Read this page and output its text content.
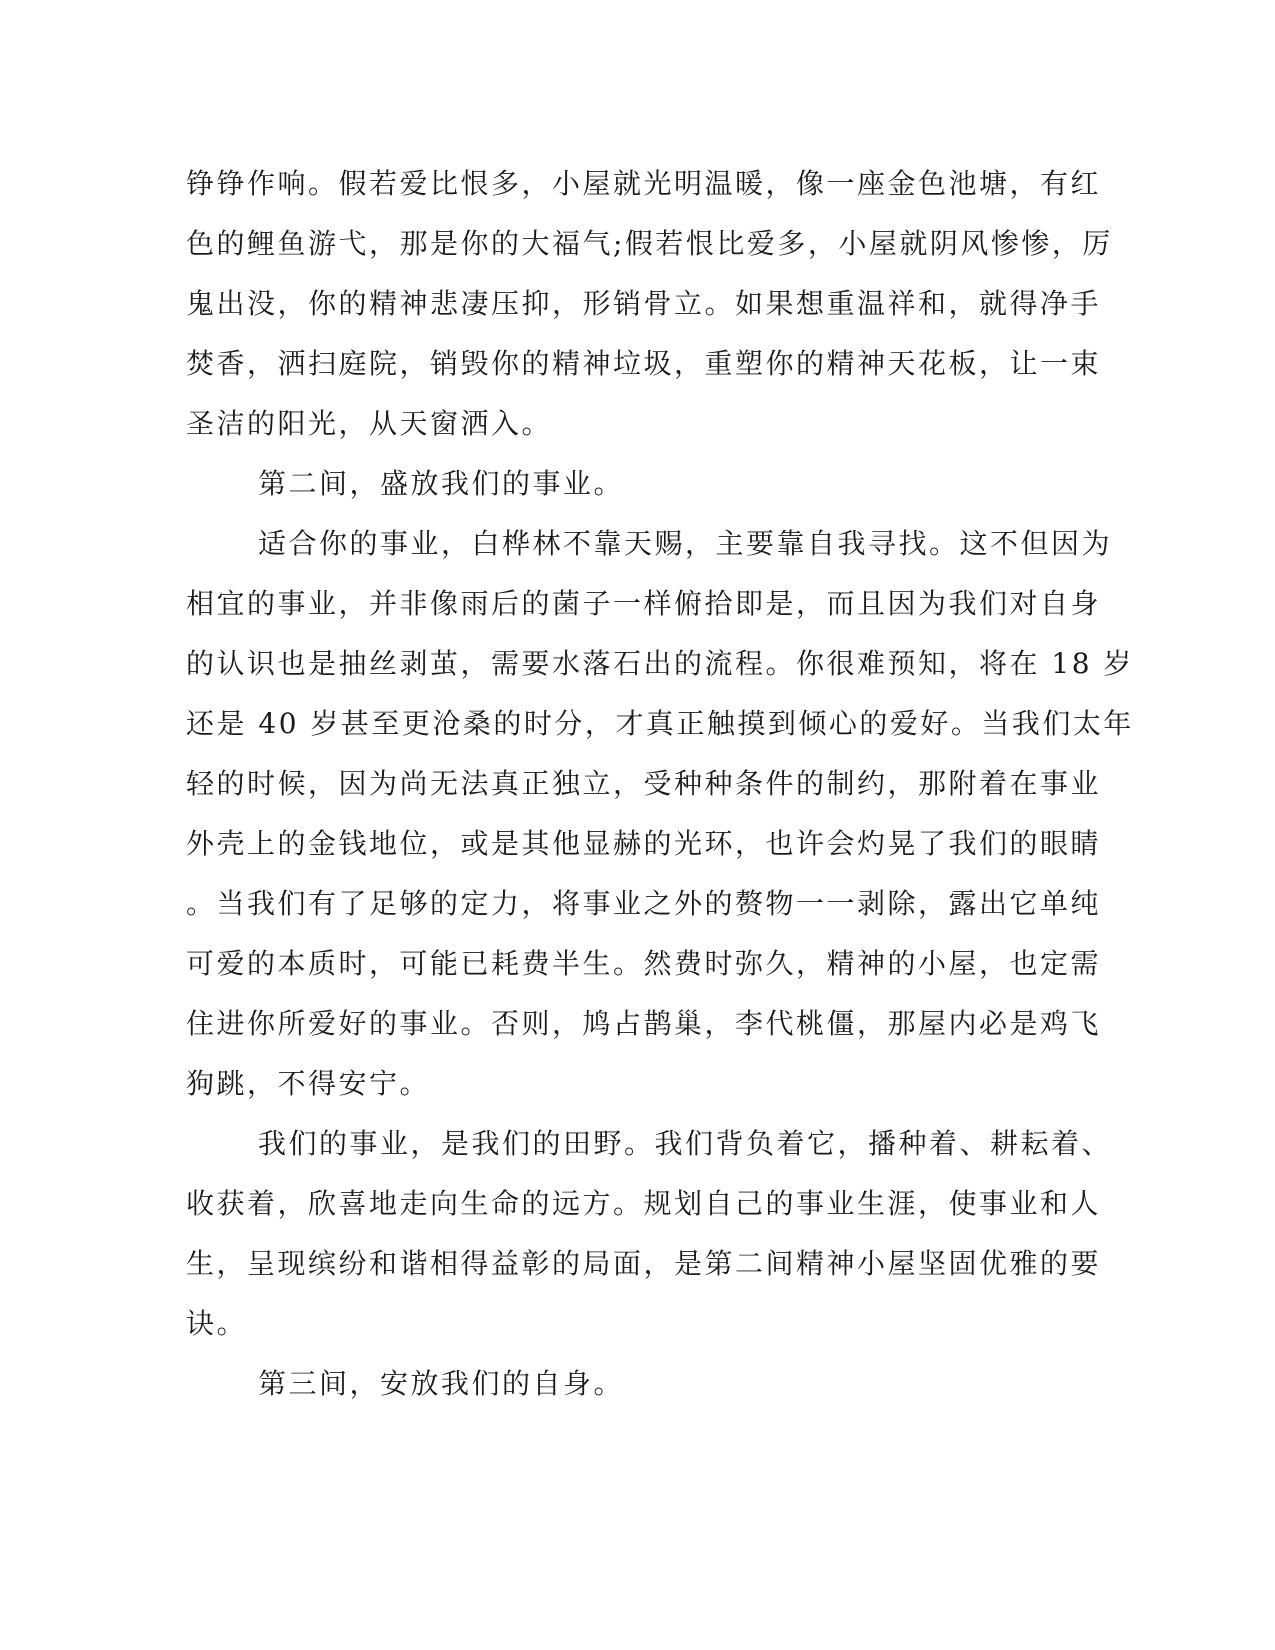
铮铮作响。假若爱比恨多，小屋就光明温暖，像一座金色池塘，有红
色的鲤鱼游弋，那是你的大福气;假若恨比爱多，小屋就阴风惨惨，厉
鬼出没，你的精神悲凄压抑，形销骨立。如果想重温祥和，就得净手
焚香，洒扫庭院，销毁你的精神垃圾，重塑你的精神天花板，让一束
圣洁的阳光，从天窗洒入。
第二间，盛放我们的事业。
适合你的事业，白桦林不靠天赐，主要靠自我寻找。这不但因为
相宜的事业，并非像雨后的菌子一样俯拾即是，而且因为我们对自身
的认识也是抽丝剥茧，需要水落石出的流程。你很难预知，将在 18 岁
还是 40 岁甚至更沧桑的时分，才真正触摸到倾心的爱好。当我们太年
轻的时候，因为尚无法真正独立，受种种条件的制约，那附着在事业
外壳上的金钱地位，或是其他显赫的光环，也许会灼晃了我们的眼睛
。当我们有了足够的定力，将事业之外的赘物一一剥除，露出它单纯
可爱的本质时，可能已耗费半生。然费时弥久，精神的小屋，也定需
住进你所爱好的事业。否则，鸠占鹊巢，李代桃僵，那屋内必是鸡飞
狗跳，不得安宁。
我们的事业，是我们的田野。我们背负着它，播种着、耕耘着、
收获着，欣喜地走向生命的远方。规划自己的事业生涯，使事业和人
生，呈现缤纷和谐相得益彰的局面，是第二间精神小屋坚固优雅的要
诀。
第三间，安放我们的自身。
